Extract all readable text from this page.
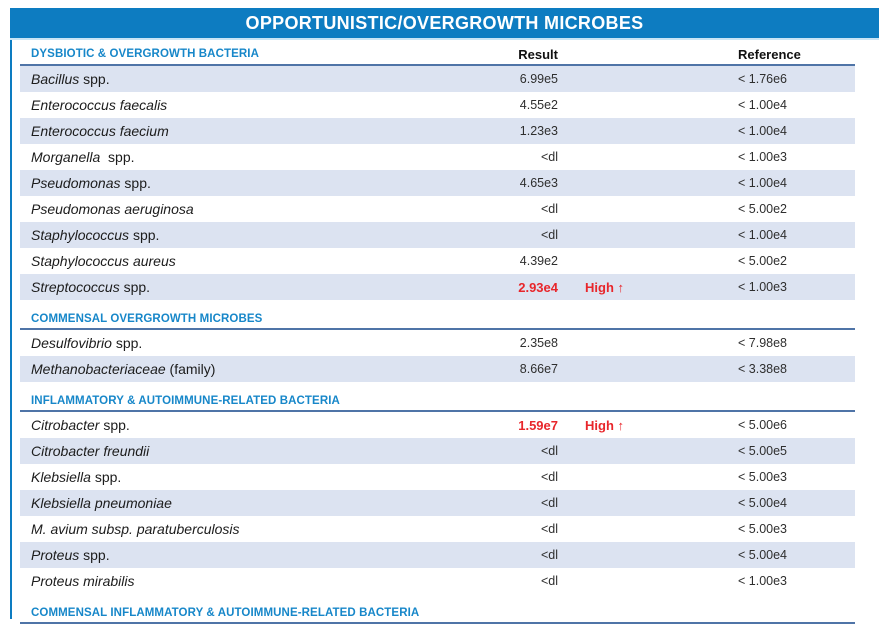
OPPORTUNISTIC/OVERGROWTH MICROBES
DYSBIOTIC & OVERGROWTH BACTERIA	Result	Reference
Bacillus spp.	6.99e5	< 1.76e6
Enterococcus faecalis	4.55e2	< 1.00e4
Enterococcus faecium	1.23e3	< 1.00e4
Morganella  spp.	<dl	< 1.00e3
Pseudomonas spp.	4.65e3	< 1.00e4
Pseudomonas aeruginosa	<dl	< 5.00e2
Staphylococcus spp.	<dl	< 1.00e4
Staphylococcus aureus	4.39e2	< 5.00e2
Streptococcus spp.	2.93e4	High ↑	< 1.00e3
COMMENSAL OVERGROWTH MICROBES
Desulfovibrio spp.	2.35e8	< 7.98e8
Methanobacteriaceae (family)	8.66e7	< 3.38e8
INFLAMMATORY & AUTOIMMUNE-RELATED BACTERIA
Citrobacter spp.	1.59e7	High ↑	< 5.00e6
Citrobacter freundii	<dl	< 5.00e5
Klebsiella spp.	<dl	< 5.00e3
Klebsiella pneumoniae	<dl	< 5.00e4
M. avium subsp. paratuberculosis	<dl	< 5.00e3
Proteus spp.	<dl	< 5.00e4
Proteus mirabilis	<dl	< 1.00e3
COMMENSAL INFLAMMATORY & AUTOIMMUNE-RELATED BACTERIA
